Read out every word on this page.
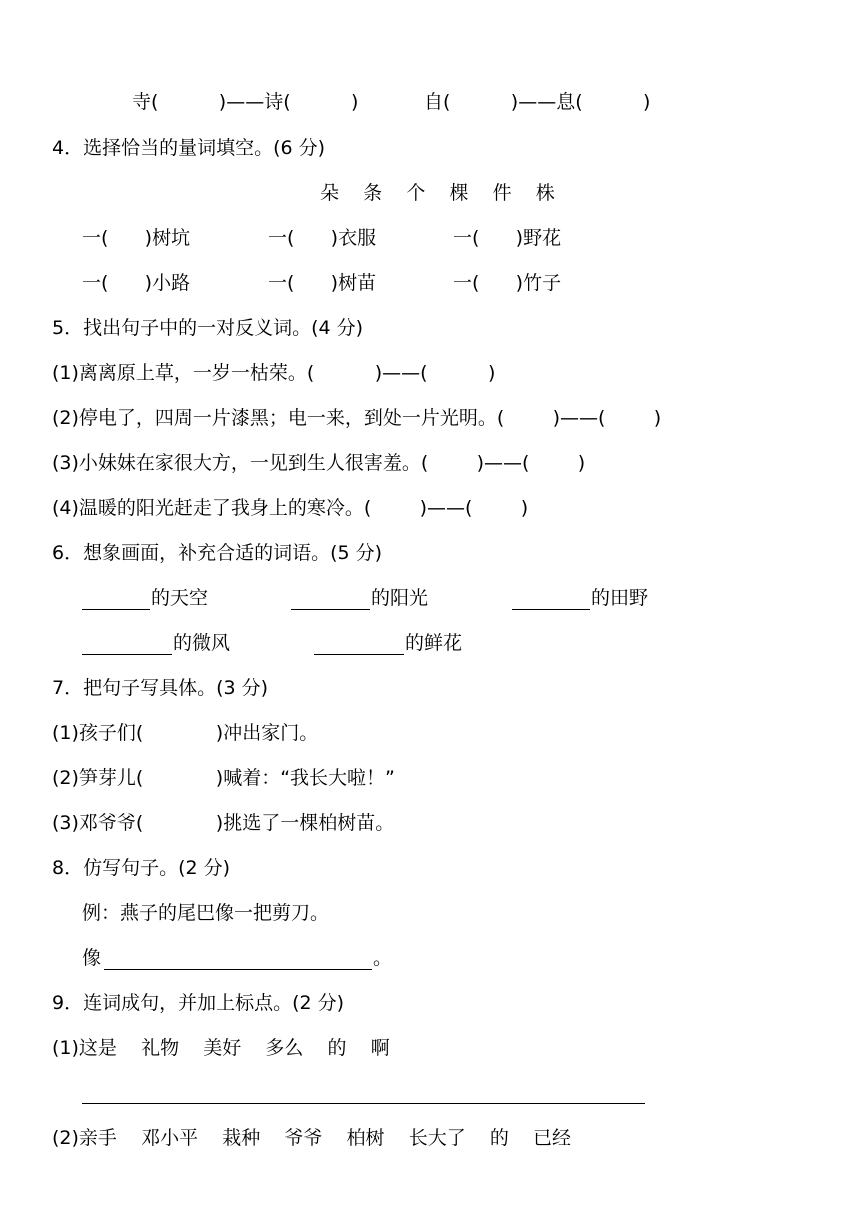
寺(          )——诗(          )	自(          )——息(          )
4．选择恰当的量词填空。(6 分)
朵    条    个    棵    件    株
一(      )树坑	一(      )衣服	一(      )野花
一(      )小路	一(      )树苗	一(      )竹子
5．找出句子中的一对反义词。(4 分)
(1)离离原上草，一岁一枯荣。(          )——(          )
(2)停电了，四周一片漆黑；电一来，到处一片光明。(        )——(        )
(3)小妹妹在家很大方，一见到生人很害羞。(        )——(        )
(4)温暖的阳光赶走了我身上的寒冷。(        )——(        )
6．想象画面，补充合适的词语。(5 分)
的天空	的阳光	的田野
的微风	的鲜花
7．把句子写具体。(3 分)
(1)孩子们(            )冲出家门。
(2)笋芽儿(            )喊着：“我长大啦！”
(3)邓爷爷(            )挑选了一棵柏树苗。
8．仿写句子。(2 分)
例：燕子的尾巴像一把剪刀。
像	。
9．连词成句，并加上标点。(2 分)
(1)这是    礼物    美好    多么    的    啊
(2)亲手    邓小平    栽种    爷爷    柏树    长大了    的    已经
